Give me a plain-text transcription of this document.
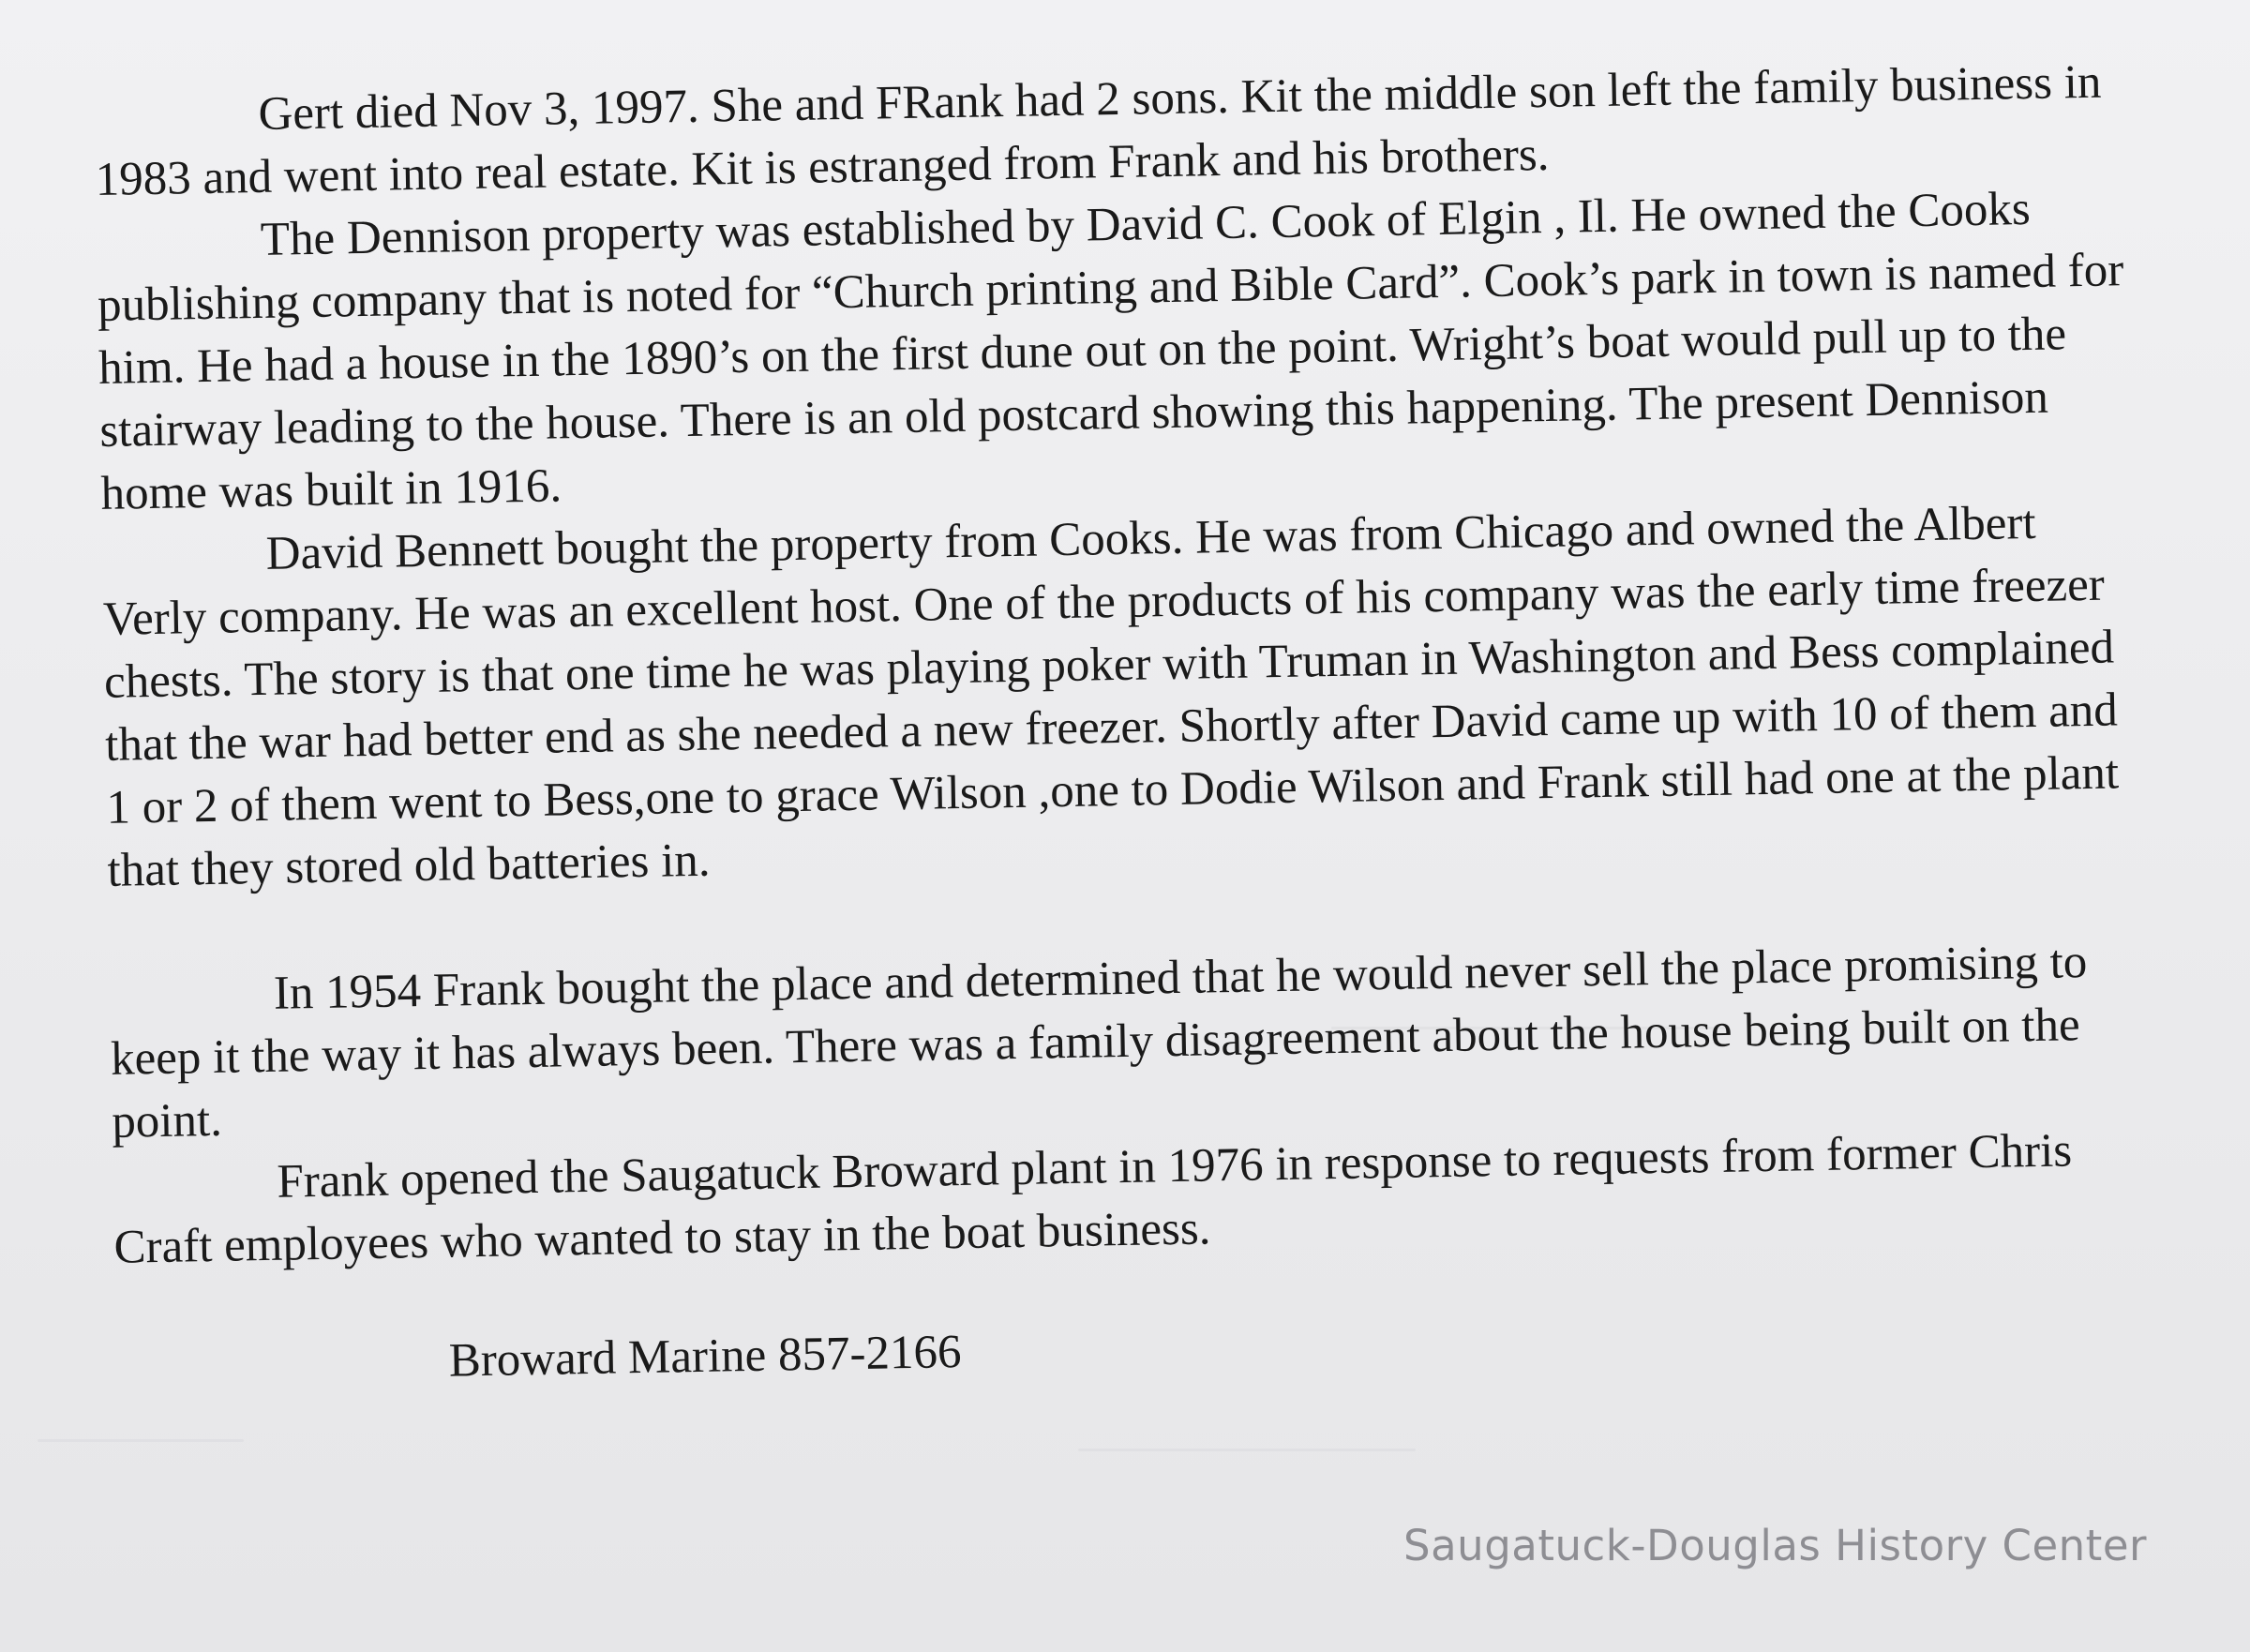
Gert died Nov 3, 1997. She and FRank had 2 sons. Kit the middle son left the family business in 1983 and went into real estate. Kit is estranged from Frank and his brothers.

The Dennison property was established by David C. Cook of Elgin , Il. He owned the Cooks publishing company that is noted for “Church printing and Bible Card”. Cook’s park in town is named for him. He had a house in the 1890’s on the first dune out on the point. Wright’s boat would pull up to the stairway leading to the house. There is an old postcard showing this happening. The present Dennison home was built in 1916.

David Bennett bought the property from Cooks. He was from Chicago and owned the Albert Verly company. He was an excellent host. One of the products of his company was the early time freezer chests. The story is that one time he was playing poker with Truman in Washington and Bess complained that the war had better end as she needed a new freezer. Shortly after David came up with 10 of them and 1 or 2 of them went to Bess,one to grace Wilson ,one to Dodie Wilson and Frank still had one at the plant that they stored old batteries in.

In 1954 Frank bought the place and determined that he would never sell the place promising to keep it the way it has always been. There was a family disagreement about the house being built on the point.

Frank opened the Saugatuck Broward plant in 1976 in response to requests from former Chris Craft employees who wanted to stay in the boat business.

Broward Marine 857-2166

Saugatuck-Douglas History Center
